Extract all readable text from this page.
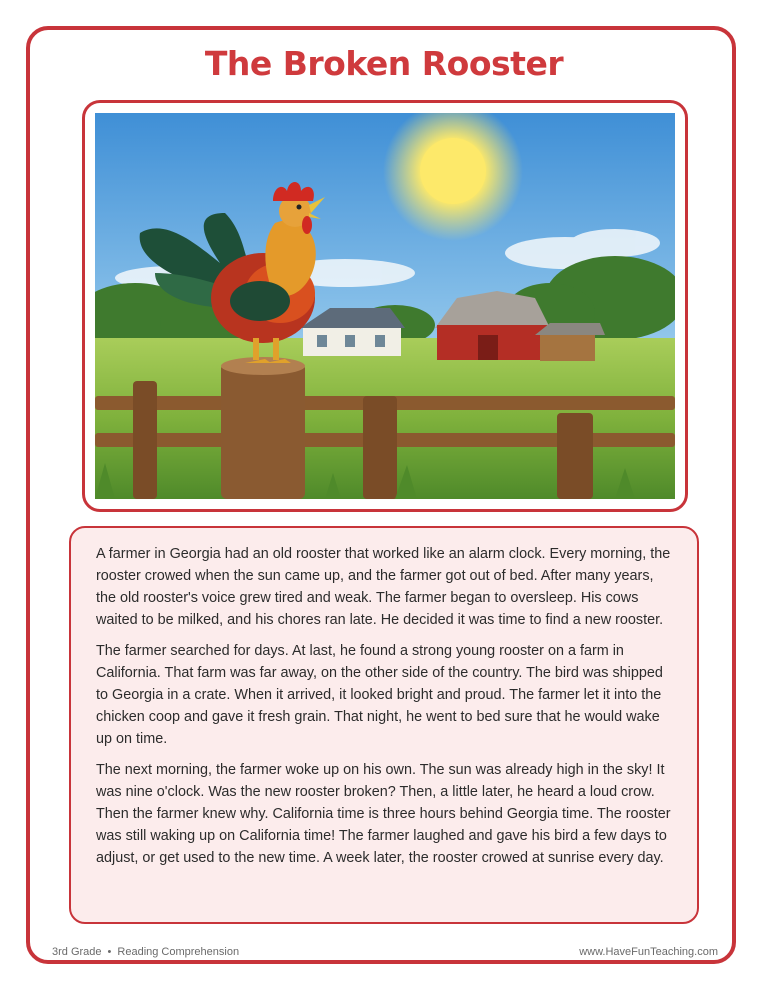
The Broken Rooster

A farmer in Georgia had an old rooster that worked like an alarm clock. Every morning, the rooster crowed when the sun came up, and the farmer got out of bed. After many years, the old rooster's voice grew tired and weak. The farmer began to oversleep. His cows waited to be milked, and his chores ran late. He decided it was time to find a new rooster.

The farmer searched for days. At last, he found a strong young rooster on a farm in California. That farm was far away, on the other side of the country. The bird was shipped to Georgia in a crate. When it arrived, it looked bright and proud. The farmer let it into the chicken coop and gave it fresh grain. That night, he went to bed sure that he would wake up on time.

The next morning, the farmer woke up on his own. The sun was already high in the sky! It was nine o'clock. Was the new rooster broken? Then, a little later, he heard a loud crow. Then the farmer knew why. California time is three hours behind Georgia time. The rooster was still waking up on California time! The farmer laughed and gave his bird a few days to adjust, or get used to the new time. A week later, the rooster crowed at sunrise every day.

3rd Grade • Reading Comprehension	www.HaveFunTeaching.com
